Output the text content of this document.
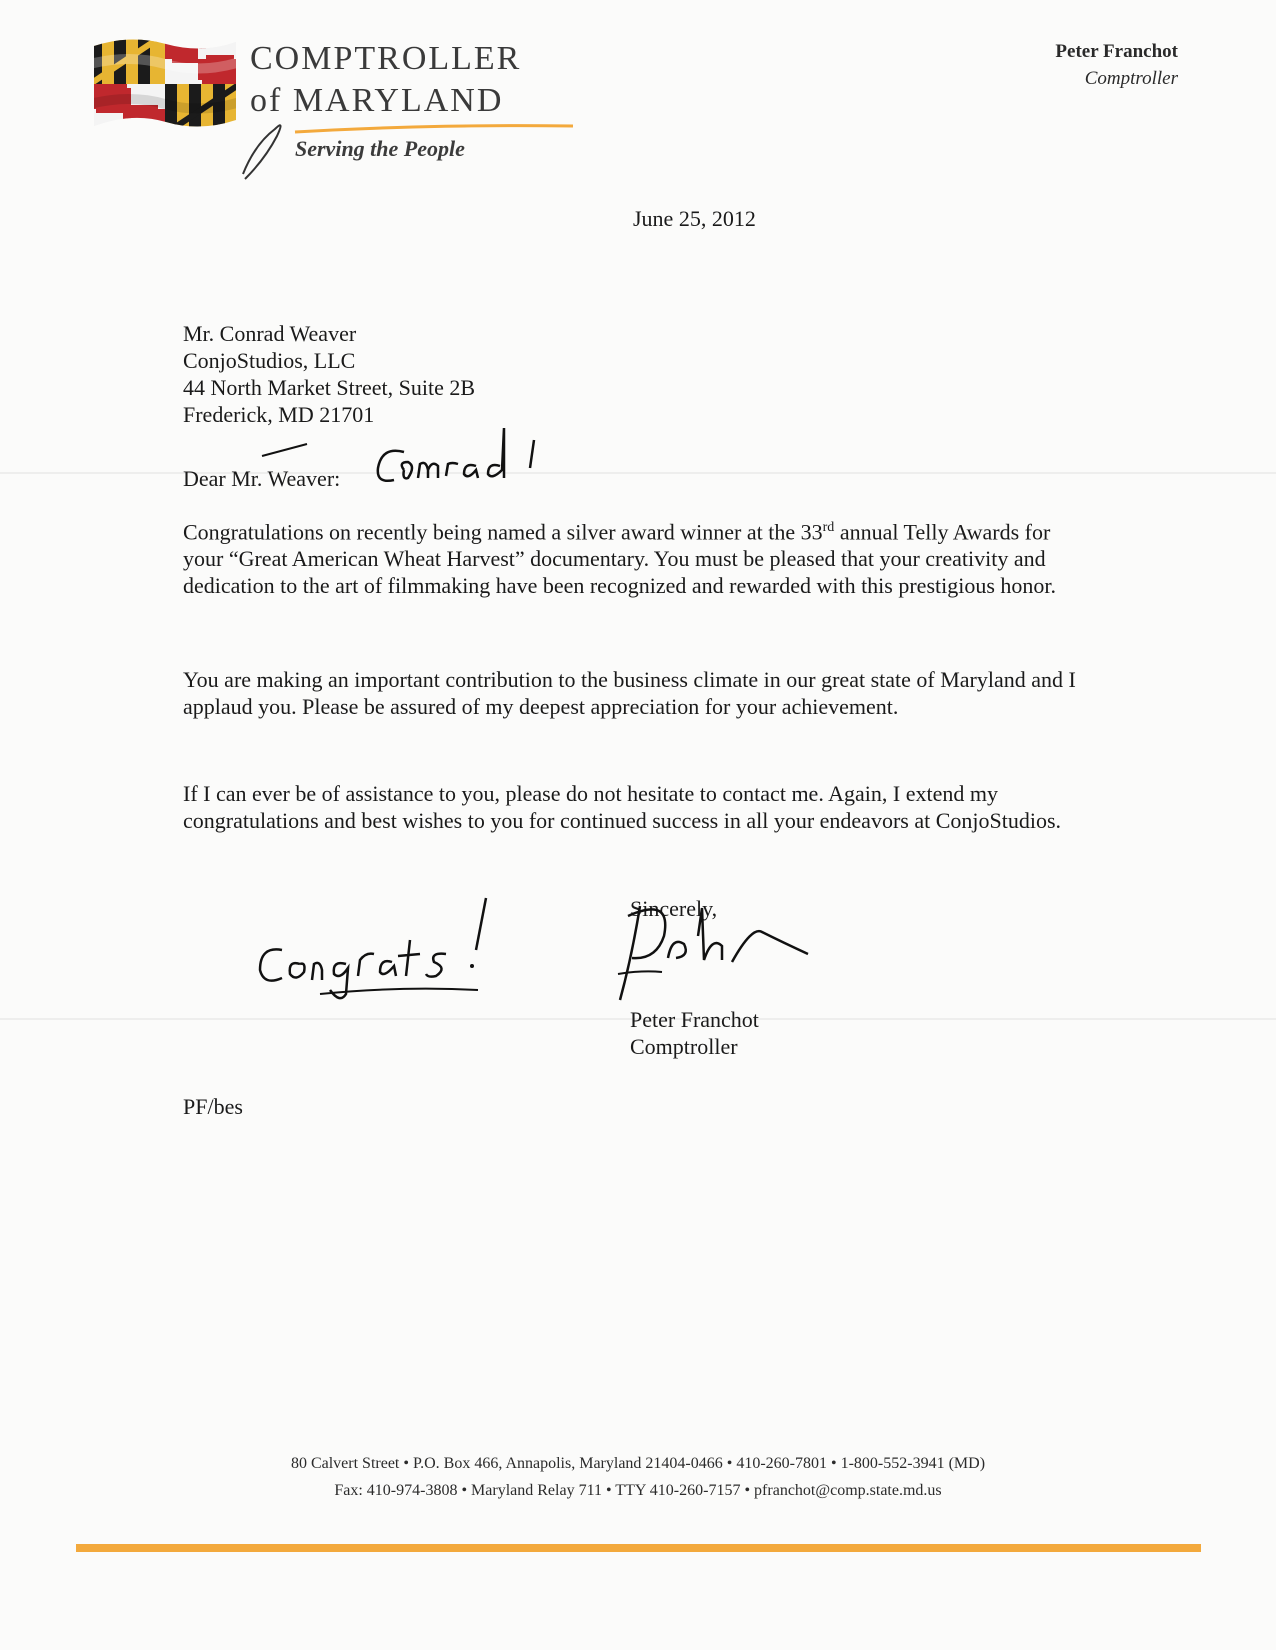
COMPTROLLER
of MARYLAND
Serving the People
Peter Franchot
Comptroller
June 25, 2012
Mr. Conrad Weaver
ConjoStudios, LLC
44 North Market Street, Suite 2B
Frederick, MD 21701
Dear Mr. Weaver:
Congratulations on recently being named a silver award winner at the 33rd annual Telly Awards for your “Great American Wheat Harvest” documentary. You must be pleased that your creativity and dedication to the art of filmmaking have been recognized and rewarded with this prestigious honor.
You are making an important contribution to the business climate in our great state of Maryland and I applaud you. Please be assured of my deepest appreciation for your achievement.
If I can ever be of assistance to you, please do not hesitate to contact me. Again, I extend my congratulations and best wishes to you for continued success in all your endeavors at ConjoStudios.
Sincerely,
Peter Franchot
Comptroller
PF/bes
80 Calvert Street • P.O. Box 466, Annapolis, Maryland 21404-0466 • 410-260-7801 • 1-800-552-3941 (MD)
Fax: 410-974-3808 • Maryland Relay 711 • TTY 410-260-7157 • pfranchot@comp.state.md.us
